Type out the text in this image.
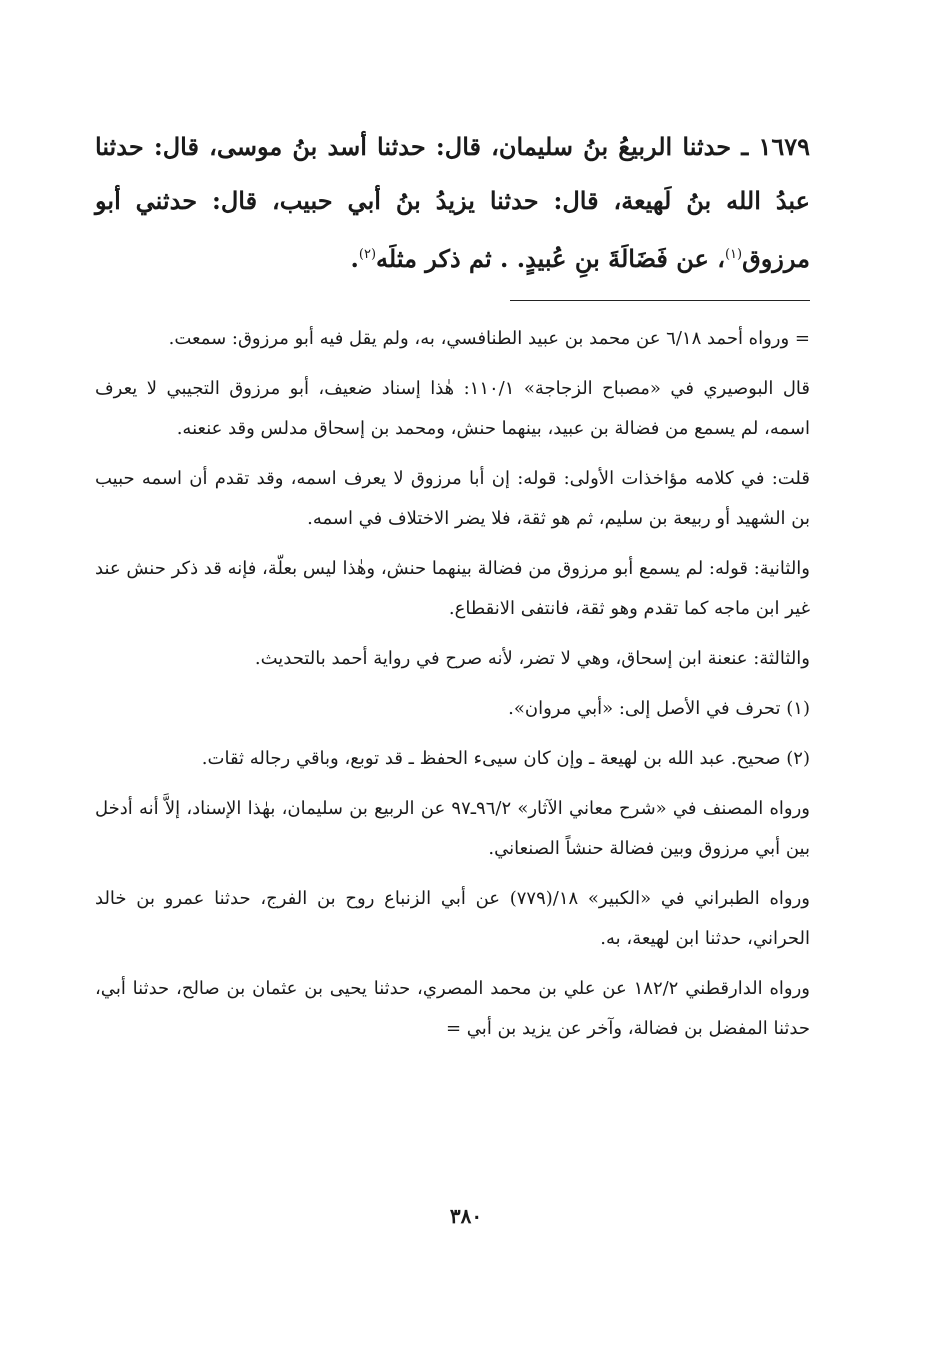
١٦٧٩ ـ حدثنا الربيعُ بنُ سليمان، قال: حدثنا أسد بنُ موسى، قال: حدثنا عبدُ الله بنُ لَهيعة، قال: حدثنا يزيدُ بنُ أبي حبيب، قال: حدثني أبو مرزوق$^{(١)}$، عن فَضَالَةَ بنِ عُبيدٍ. . ثم ذكر مثلَه$^{(٢)}$.

= ورواه أحمد ٦/١٨ عن محمد بن عبيد الطنافسي، به، ولم يقل فيه أبو مرزوق: سمعت.

قال البوصيري في «مصباح الزجاجة» ١١٠/١: هٰذا إسناد ضعيف، أبو مرزوق التجيبي لا يعرف اسمه، لم يسمع من فضالة بن عبيد، بينهما حنش، ومحمد بن إسحاق مدلس وقد عنعنه.

قلت: في كلامه مؤاخذات الأولى: قوله: إن أبا مرزوق لا يعرف اسمه، وقد تقدم أن اسمه حبيب بن الشهيد أو ربيعة بن سليم، ثم هو ثقة، فلا يضر الاختلاف في اسمه.

والثانية: قوله: لم يسمع أبو مرزوق من فضالة بينهما حنش، وهٰذا ليس بعلّة، فإنه قد ذكر حنش عند غير ابن ماجه كما تقدم وهو ثقة، فانتفى الانقطاع.

والثالثة: عنعنة ابن إسحاق، وهي لا تضر، لأنه صرح في رواية أحمد بالتحديث.

(١) تحرف في الأصل إلى: «أبي مروان».

(٢) صحيح. عبد الله بن لهيعة ـ وإن كان سيىء الحفظ ـ قد توبع، وباقي رجاله ثقات.

ورواه المصنف في «شرح معاني الآثار» ٩٦/٢ـ٩٧ عن الربيع بن سليمان، بهٰذا الإسناد، إلاَّ أنه أدخل بين أبي مرزوق وبين فضالة حنشاً الصنعاني.

ورواه الطبراني في «الكبير» ١٨/(٧٧٩) عن أبي الزنباع روح بن الفرج، حدثنا عمرو بن خالد الحراني، حدثنا ابن لهيعة، به.

ورواه الدارقطني ١٨٢/٢ عن علي بن محمد المصري، حدثنا يحيى بن عثمان بن صالح، حدثنا أبي، حدثنا المفضل بن فضالة، وآخر عن يزيد بن أبي =

٣٨٠
